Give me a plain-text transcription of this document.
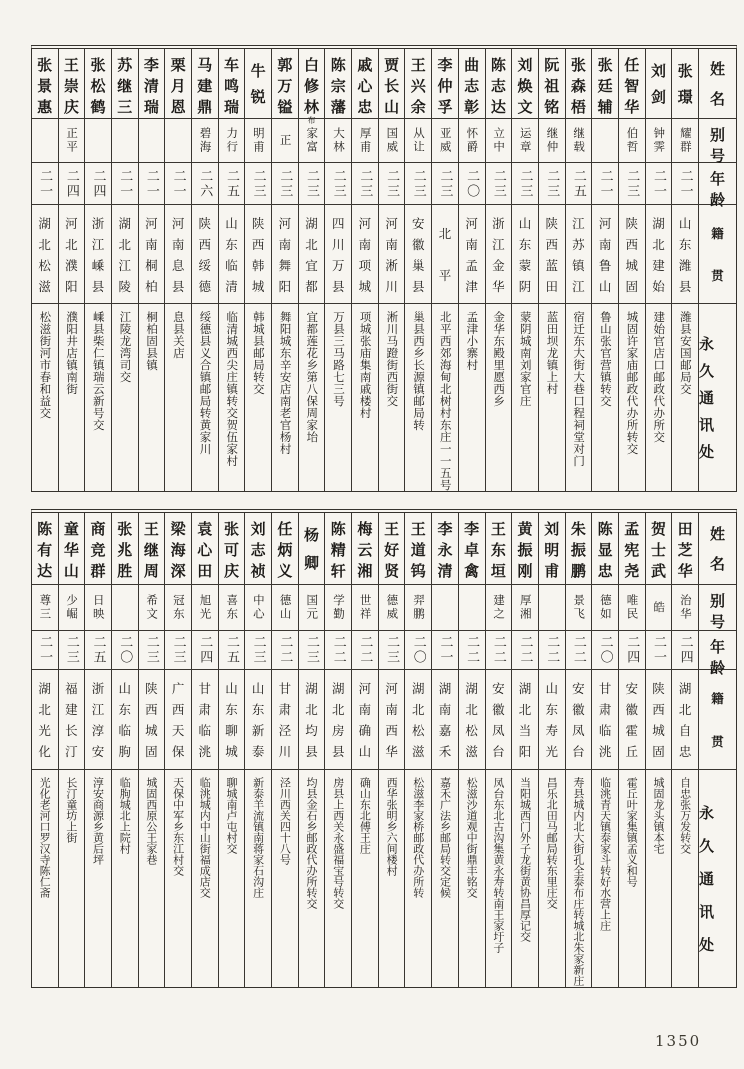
姓
名
别
号
年
龄
籍
贯
永
久
通
讯
处
张
璟
耀群
二一
山
东
潍
县
潍县安国邮局交
刘
剑
钟霁
二一
湖
北
建
始
建始官店口邮政代办所交
任
智
华
伯哲
二三
陕
西
城
固
城固许家庙邮政代办所转交
张
廷
辅
二一
河
南
鲁
山
鲁山张官营镇转交
张
森
梧
继载
二五
江
苏
镇
江
宿迁东大街大巷口程祠堂对门
阮
祖
铭
继仲
二三
陕
西
蓝
田
蓝田坝龙镇上村
刘
焕
文
运章
二三
山
东
蒙
阴
蒙阴城南刘家官庄
陈
志
达
立中
二三
浙
江
金
华
金华东殿里愿西乡
曲
志
彰
怀爵
二〇
河
南
孟
津
孟津小寨村
李
仲
孚
亚威
二三
北
平
北平西郊海甸北树村东庄一一五号
王
兴
余
从让
二三
安
徽
巢
县
巢县西乡长源镇邮局转
贾
长
山
国威
二三
河
南
淅
川
淅川马蹬街西街交
戚
心
忠
厚甫
二三
河
南
项
城
项城张庙集南戚楼村
陈
宗
藩
大林
二三
四
川
万
县
万县三马路七三号
白
修
林
布
家富
二三
湖
北
宜
都
宜都莲花乡第八保周家坮
郭
万
镒
正
二三
河
南
舞
阳
舞阳城东辛安店南老官杨村
牛
锐
明甫
二三
陕
西
韩
城
韩城县邮局转交
车
鸣
瑞
力行
二五
山
东
临
清
临清城西尖庄镇转交贺伍家村
马
建
鼎
碧海
二六
陕
西
绥
德
绥德县义合镇邮局转黄家川
栗
月
恩
二一
河
南
息
县
息县关店
李
清
瑞
二一
河
南
桐
柏
桐柏固县镇
苏
继
三
二一
湖
北
江
陵
江陵龙湾司交
张
松
鹤
二四
浙
江
嵊
县
嵊县柴仁镇瑞云新号交
王
崇
庆
正平
二四
河
北
濮
阳
濮阳井店镇南街
张
景
惠
二一
湖
北
松
滋
松滋街河市春和益交
姓
名
别
号
年
龄
籍
贯
永
久
通
讯
处
田
芝
华
治华
二四
湖
北
自
忠
自忠张万发转交
贺
士
武
皓
二一
陕
西
城
固
城固龙头镇本宅
孟
宪
尧
唯民
二四
安
徽
霍
丘
霍丘叶家集镇孟义和号
陈
显
忠
德如
二〇
甘
肃
临
洮
临洮青天镇泰家斗转好水营上庄
朱
振
鹏
景飞
二二
安
徽
凤
台
寿县城内北大街孔全泰布庄转城北朱家新庄
刘
明
甫
二二
山
东
寿
光
昌乐北田马邮局转东里庄交
黄
振
刚
厚湘
二二
湖
北
当
阳
当阳城西门外子龙街黄协昌厚记交
王
东
垣
建之
二二
安
徽
凤
台
凤台东北古沟集黄永寿转南王家圩子
李
卓
禽
二二
湖
北
松
滋
松滋沙道观中街鼎丰铭交
李
永
清
二一
湖
南
嘉
禾
嘉禾广法乡邮局转交定候
王
道
钨
羿鹏
二〇
湖
北
松
滋
松滋李家桥邮政代办所转
王
好
贤
德威
二三
河
南
西
华
西华张明乡六间楼村
梅
云
湘
世祥
二二
河
南
确
山
确山东北傅王庄
陈
精
轩
学勤
二二
湖
北
房
县
房县上西关永盛福宝号转交
杨
卿
国元
二三
湖
北
均
县
均县金石乡邮政代办所转交
任
炳
义
德山
二二
甘
肃
泾
川
泾川西关四十八号
刘
志
祯
中心
二三
山
东
新
泰
新泰羊流镇南蒋家石沟庄
张
可
庆
喜东
二五
山
东
聊
城
聊城南卢屯村交
袁
心
田
旭光
二四
甘
肃
临
洮
临洮城内中山街福成店交
梁
海
深
冠东
二三
广
西
天
保
天保中军乡东江村交
王
继
周
希文
二三
陕
西
城
固
城固西原公王家巷
张
兆
胜
二〇
山
东
临
朐
临朐城北上院村
商
竞
群
日映
二五
浙
江
淳
安
淳安商源乡黄后坪
童
华
山
少崛
二三
福
建
长
汀
长汀童坊上街
陈
有
达
尊三
二一
湖
北
光
化
光化老河口罗汉寺陈仁斋
1350
